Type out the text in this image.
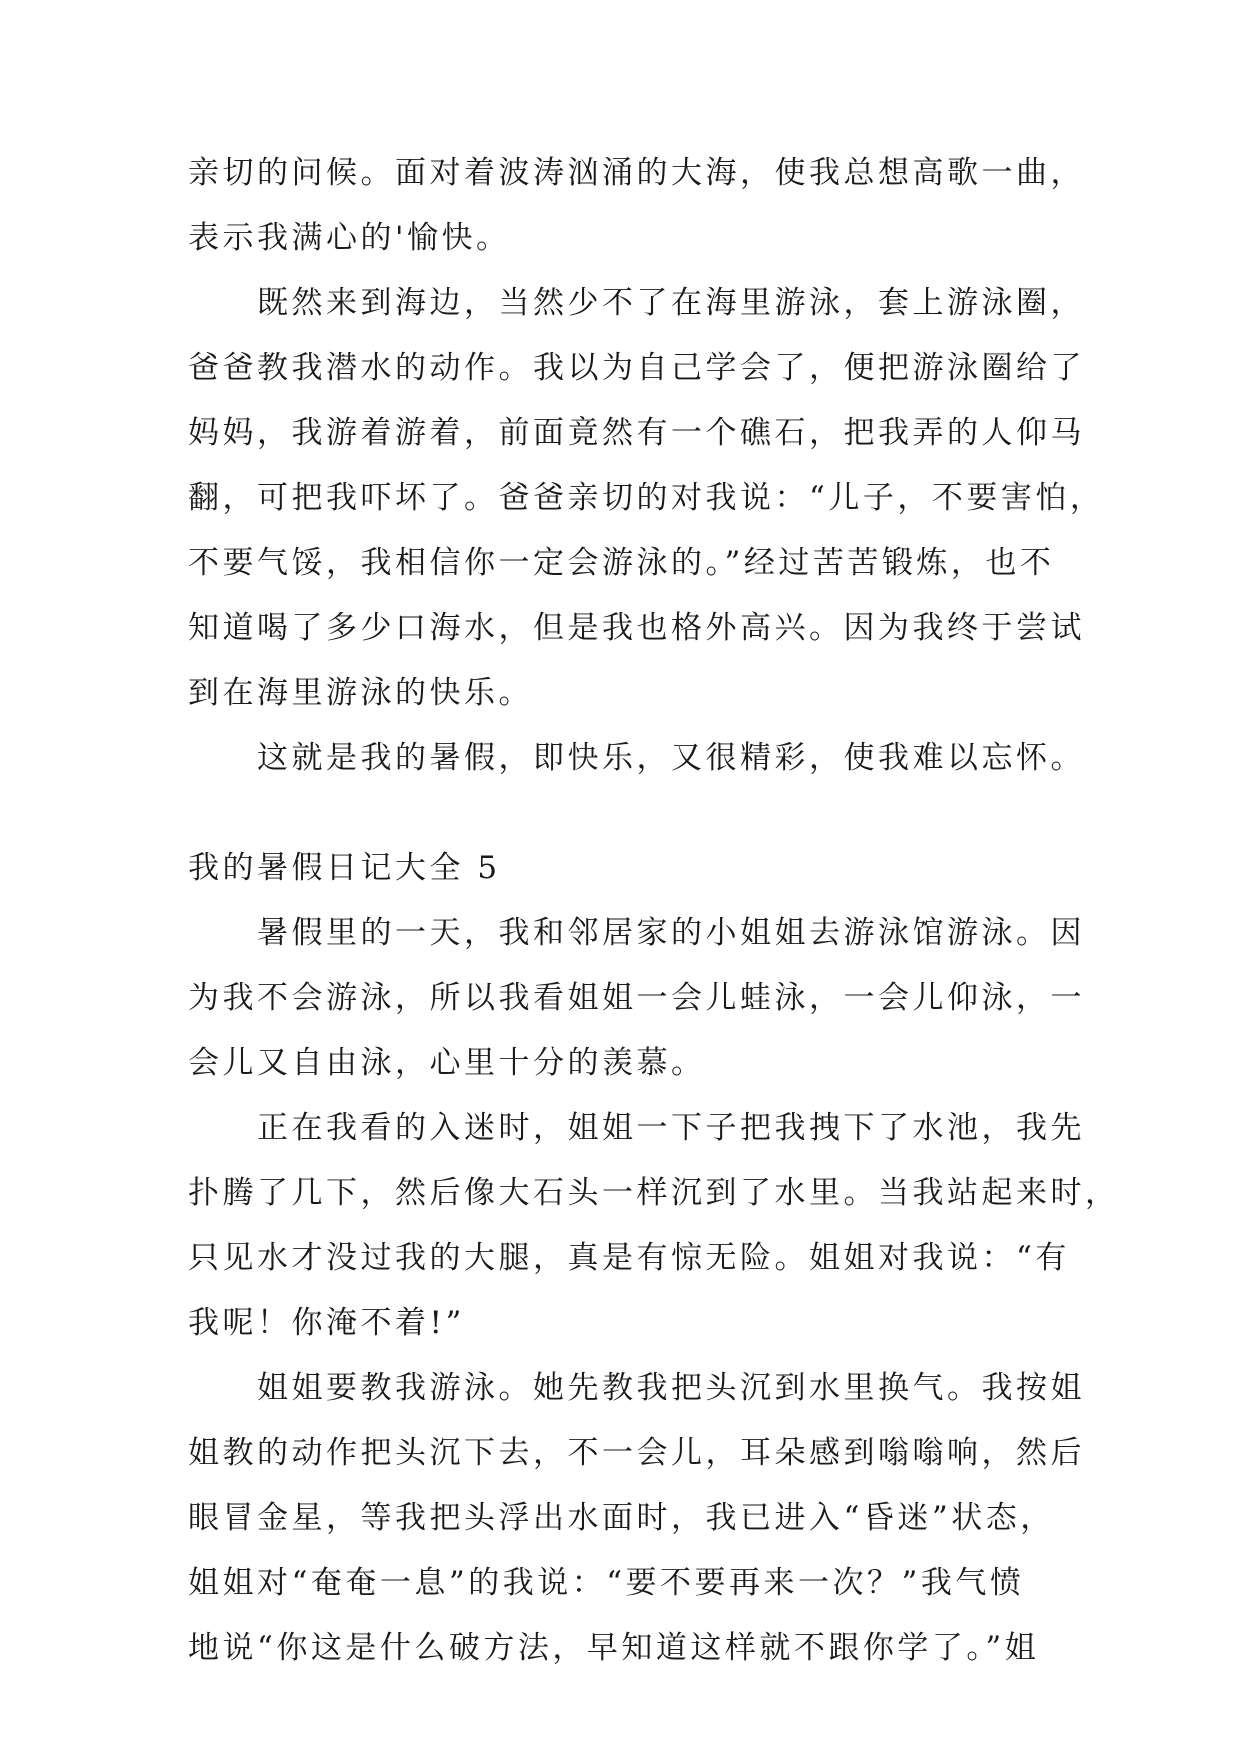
亲切的问候。面对着波涛汹涌的大海，使我总想高歌一曲，
表示我满心的'愉快。
既然来到海边，当然少不了在海里游泳，套上游泳圈，
爸爸教我潜水的动作。我以为自己学会了，便把游泳圈给了
妈妈，我游着游着，前面竟然有一个礁石，把我弄的人仰马
翻，可把我吓坏了。爸爸亲切的对我说：“儿子，不要害怕，
不要气馁，我相信你一定会游泳的。”经过苦苦锻炼，也不
知道喝了多少口海水，但是我也格外高兴。因为我终于尝试
到在海里游泳的快乐。
这就是我的暑假，即快乐，又很精彩，使我难以忘怀。
我的暑假日记大全 5
暑假里的一天，我和邻居家的小姐姐去游泳馆游泳。因
为我不会游泳，所以我看姐姐一会儿蛙泳，一会儿仰泳，一
会儿又自由泳，心里十分的羡慕。
正在我看的入迷时，姐姐一下子把我拽下了水池，我先
扑腾了几下，然后像大石头一样沉到了水里。当我站起来时，
只见水才没过我的大腿，真是有惊无险。姐姐对我说：“有
我呢！你淹不着!”
姐姐要教我游泳。她先教我把头沉到水里换气。我按姐
姐教的动作把头沉下去，不一会儿，耳朵感到嗡嗡响，然后
眼冒金星，等我把头浮出水面时，我已进入“昏迷”状态，
姐姐对“奄奄一息”的我说：“要不要再来一次？”我气愤
地说“你这是什么破方法，早知道这样就不跟你学了。”姐
